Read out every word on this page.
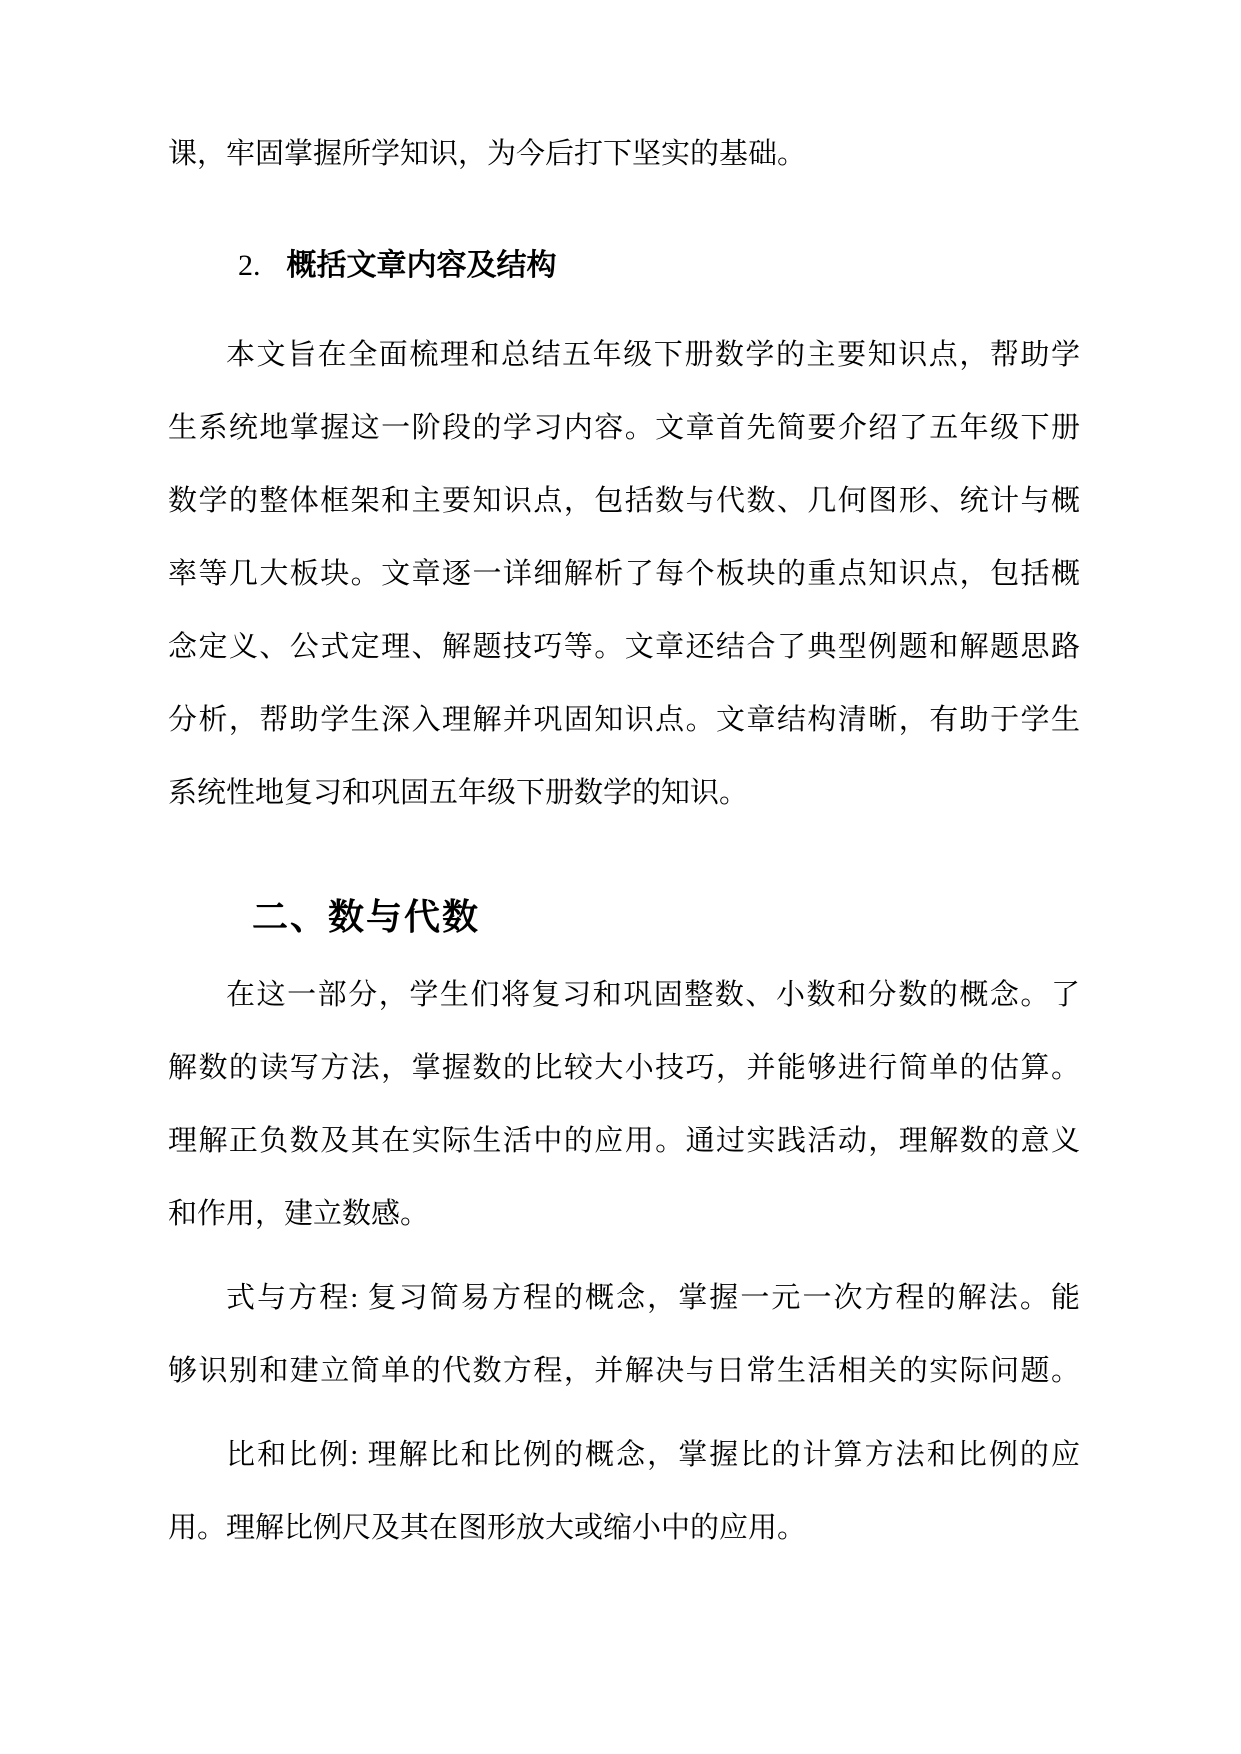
课，牢固掌握所学知识，为今后打下坚实的基础。
2. 概括文章内容及结构
本文旨在全面梳理和总结五年级下册数学的主要知识点，帮助学
生系统地掌握这一阶段的学习内容。文章首先简要介绍了五年级下册
数学的整体框架和主要知识点，包括数与代数、几何图形、统计与概
率等几大板块。文章逐一详细解析了每个板块的重点知识点，包括概
念定义、公式定理、解题技巧等。文章还结合了典型例题和解题思路
分析，帮助学生深入理解并巩固知识点。文章结构清晰，有助于学生
系统性地复习和巩固五年级下册数学的知识。
二、数与代数
在这一部分，学生们将复习和巩固整数、小数和分数的概念。了
解数的读写方法，掌握数的比较大小技巧，并能够进行简单的估算。
理解正负数及其在实际生活中的应用。通过实践活动，理解数的意义
和作用，建立数感。
式与方程: 复习简易方程的概念，掌握一元一次方程的解法。能
够识别和建立简单的代数方程，并解决与日常生活相关的实际问题。
比和比例: 理解比和比例的概念，掌握比的计算方法和比例的应
用。理解比例尺及其在图形放大或缩小中的应用。
